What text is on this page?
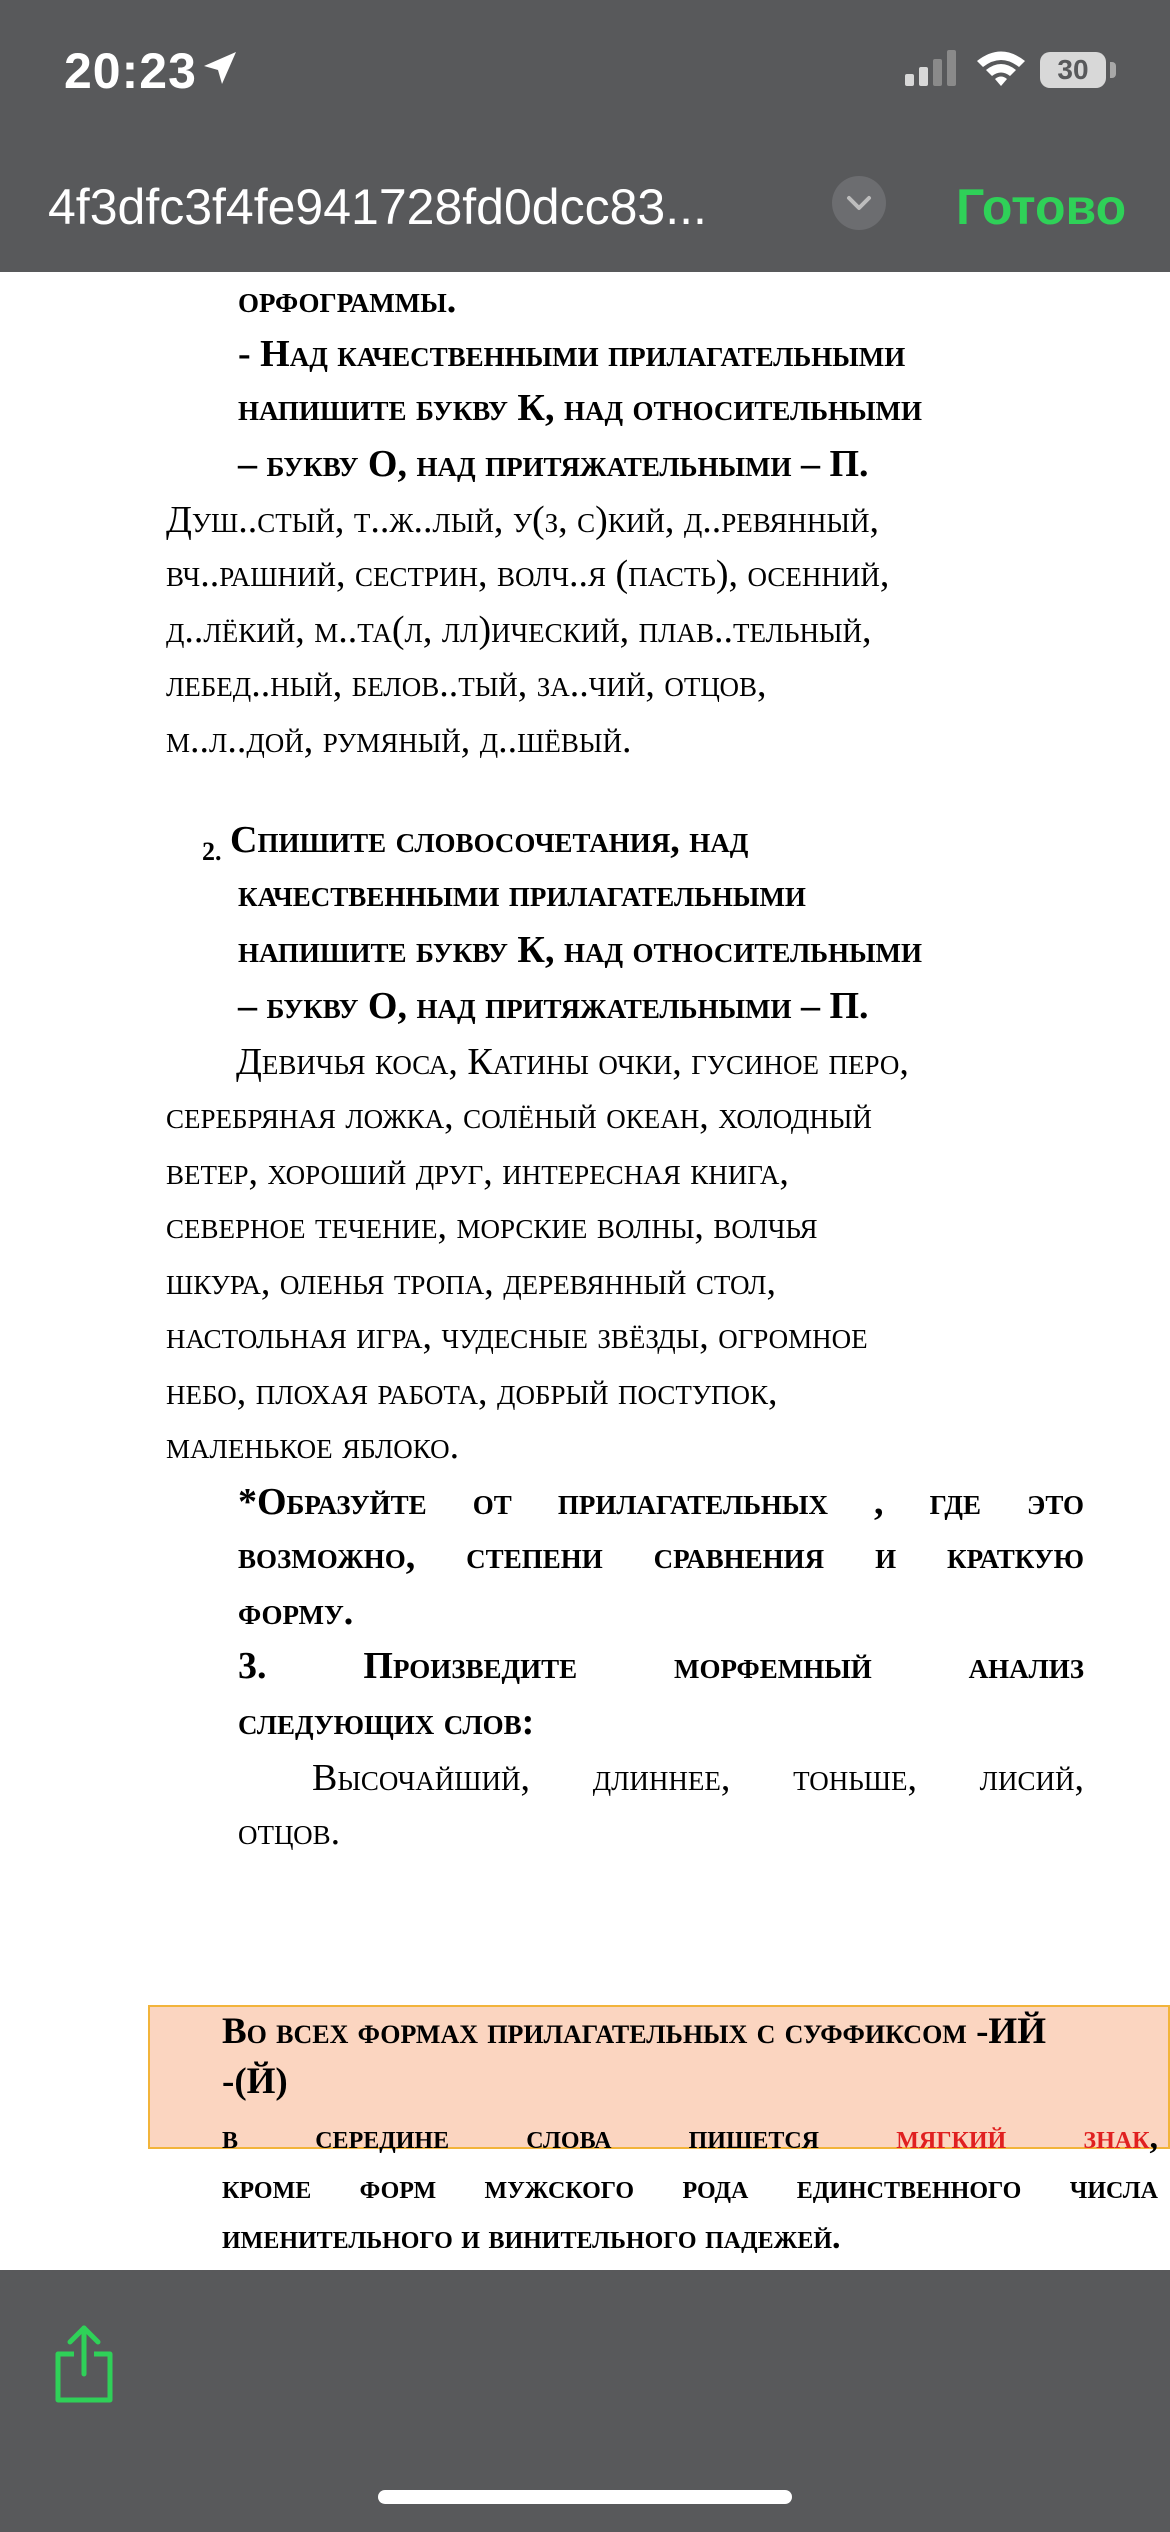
20:23	30
4f3dfc3f4fe941728fd0dcc83...	Готово
орфограммы.
- Над качественными прилагательными
напишите букву К, над относительными
– букву О, над притяжательными – П.
Душ..стый, т..ж..лый, у(з, с)кий, д..ревянный,
вч..рашний, сестрин, волч..я (пасть), осенний,
д..лёкий, м..та(л, лл)ический, плав..тельный,
лебед..ный, белов..тый, за..чий, отцов,
м..л..дой, румяный, д..шёвый.
2. Спишите словосочетания, над
качественными прилагательными
напишите букву К, над относительными
– букву О, над притяжательными – П.
Девичья коса, Катины очки, гусиное перо,
серебряная ложка, солёный океан, холодный
ветер, хороший друг, интересная книга,
северное течение, морские волны, волчья
шкура, оленья тропа, деревянный стол,
настольная игра, чудесные звёзды, огромное
небо, плохая работа, добрый поступок,
маленькое яблоко.
*Образуйте от прилагательных , где это
возможно, степени сравнения и краткую
форму.
3. Произведите морфемный анализ
следующих слов:
Высочайший, длиннее, тоньше, лисий,
отцов.
Во всех формах прилагательных с суффиксом -ИЙ
-(Й)
в середине слова пишется мягкий знак,
кроме форм мужского рода единственного числа
именительного и винительного падежей.
